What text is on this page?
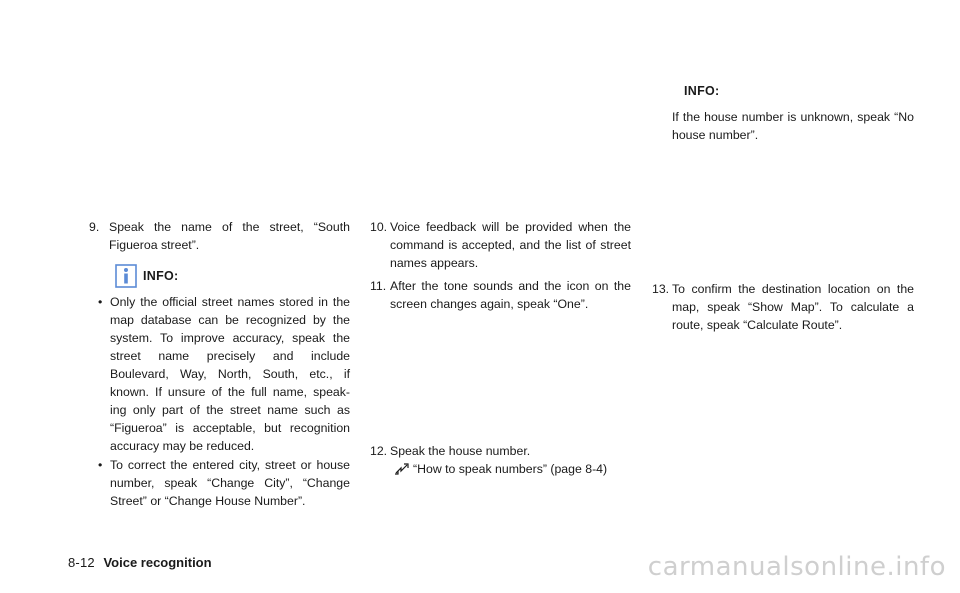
9. Speak the name of the street, “South Figueroa street”.
INFO:
• Only the official street names stored in the map database can be recognized by the system. To improve accuracy, speak the street name precisely and include Boulevard, Way, North, South, etc., if known. If unsure of the full name, speak- ing only part of the street name such as “Figueroa” is acceptable, but recognition accuracy may be reduced.
• To correct the entered city, street or house number, speak “Change City”, “Change Street” or “Change House Number”.
10. Voice feedback will be provided when the command is accepted, and the list of street names appears.
11. After the tone sounds and the icon on the screen changes again, speak “One”.
12. Speak the house number.
“How to speak numbers” (page 8-4)
INFO:
If the house number is unknown, speak “No house number”.
13. To confirm the destination location on the map, speak “Show Map”. To calculate a route, speak “Calculate Route”.
8-12 Voice recognition	carmanualsonline.info
